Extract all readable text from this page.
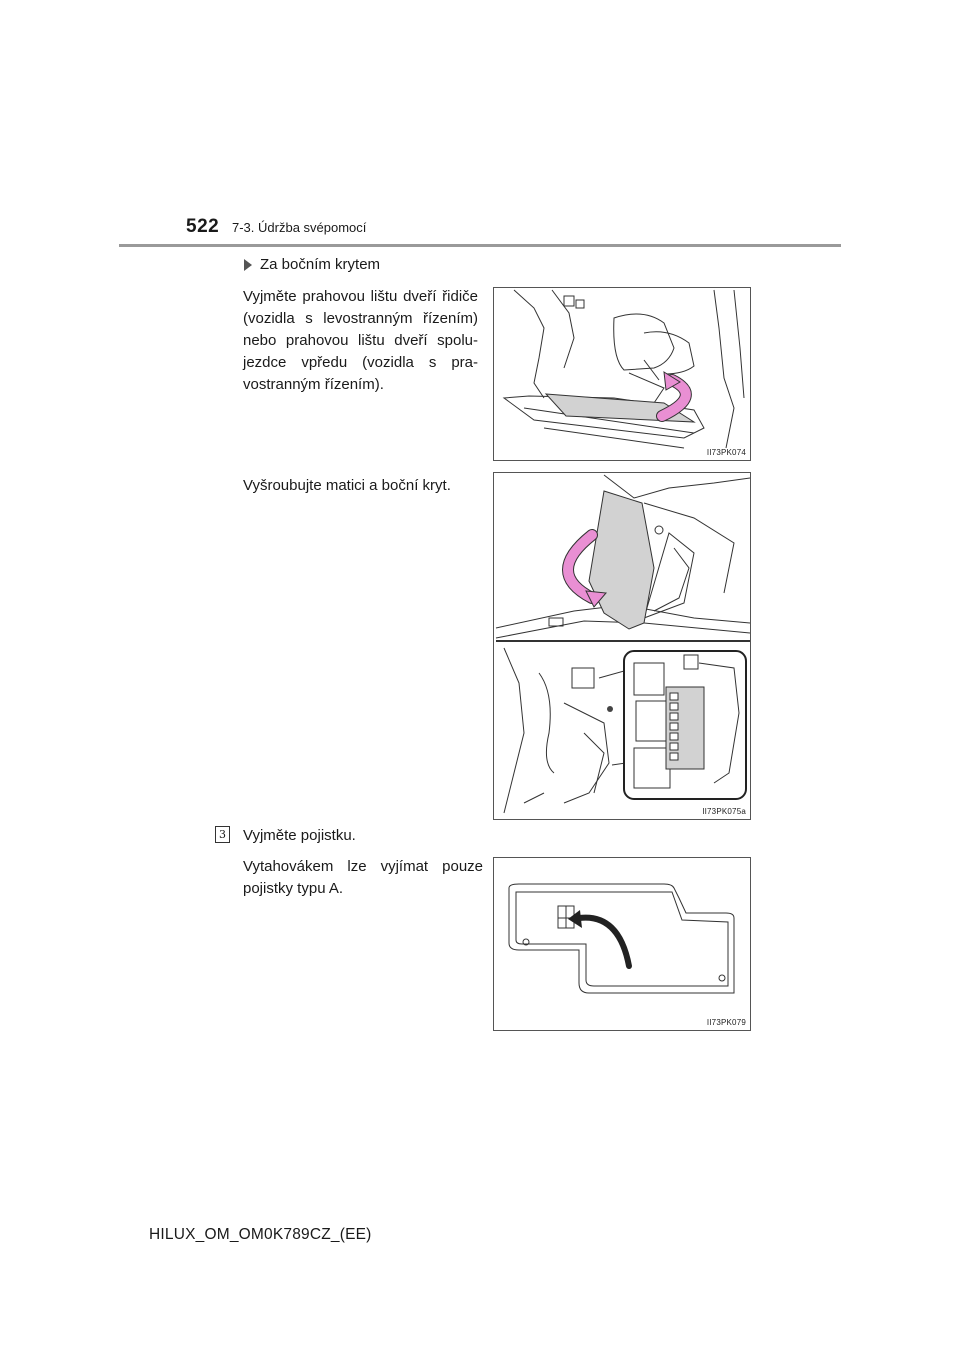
522 7-3. Údržba svépomocí
Za bočním krytem
Vyjměte prahovou lištu dveří řidiče (vozidla s levostranným řízením) nebo prahovou lištu dveří spolu-jezdce vpředu (vozidla s pra-vostranným řízením).
II73PK074
Vyšroubujte matici a boční kryt.
II73PK075a
3 Vyjměte pojistku.
Vytahovákem lze vyjímat pouze pojistky typu A.
II73PK079
HILUX_OM_OM0K789CZ_(EE)
